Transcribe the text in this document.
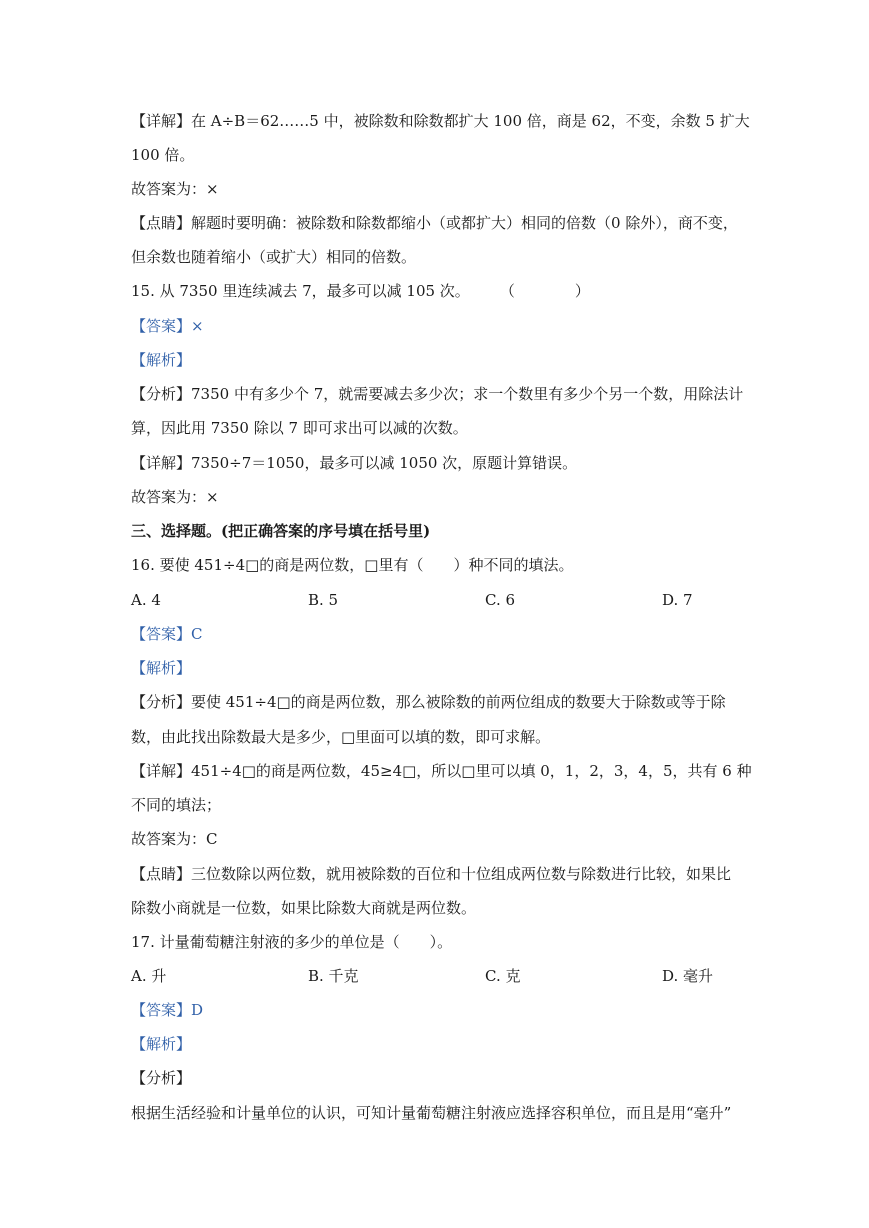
【详解】在 A÷B＝62……5 中，被除数和除数都扩大 100 倍，商是 62，不变，余数 5 扩大
100 倍。
故答案为：×
【点睛】解题时要明确：被除数和除数都缩小（或都扩大）相同的倍数（0 除外），商不变，
但余数也随着缩小（或扩大）相同的倍数。
15. 从 7350 里连续减去 7，最多可以减 105 次。　　　（　　　　）
【答案】×
【解析】
【分析】7350 中有多少个 7，就需要减去多少次；求一个数里有多少个另一个数，用除法计
算，因此用 7350 除以 7 即可求出可以减的次数。
【详解】7350÷7＝1050，最多可以减 1050 次，原题计算错误。
故答案为：×
三、选择题。(把正确答案的序号填在括号里)
16. 要使 451÷4□的商是两位数，□里有（　　）种不同的填法。
A. 4	B. 5	C. 6	D. 7
【答案】C
【解析】
【分析】要使 451÷4□的商是两位数，那么被除数的前两位组成的数要大于除数或等于除
数，由此找出除数最大是多少，□里面可以填的数，即可求解。
【详解】451÷4□的商是两位数，45≥4□，所以□里可以填 0，1，2，3，4，5，共有 6 种
不同的填法；
故答案为：C
【点睛】三位数除以两位数，就用被除数的百位和十位组成两位数与除数进行比较，如果比
除数小商就是一位数，如果比除数大商就是两位数。
17. 计量葡萄糖注射液的多少的单位是（　　）。
A. 升	B. 千克	C. 克	D. 毫升
【答案】D
【解析】
【分析】
根据生活经验和计量单位的认识，可知计量葡萄糖注射液应选择容积单位，而且是用“毫升”
